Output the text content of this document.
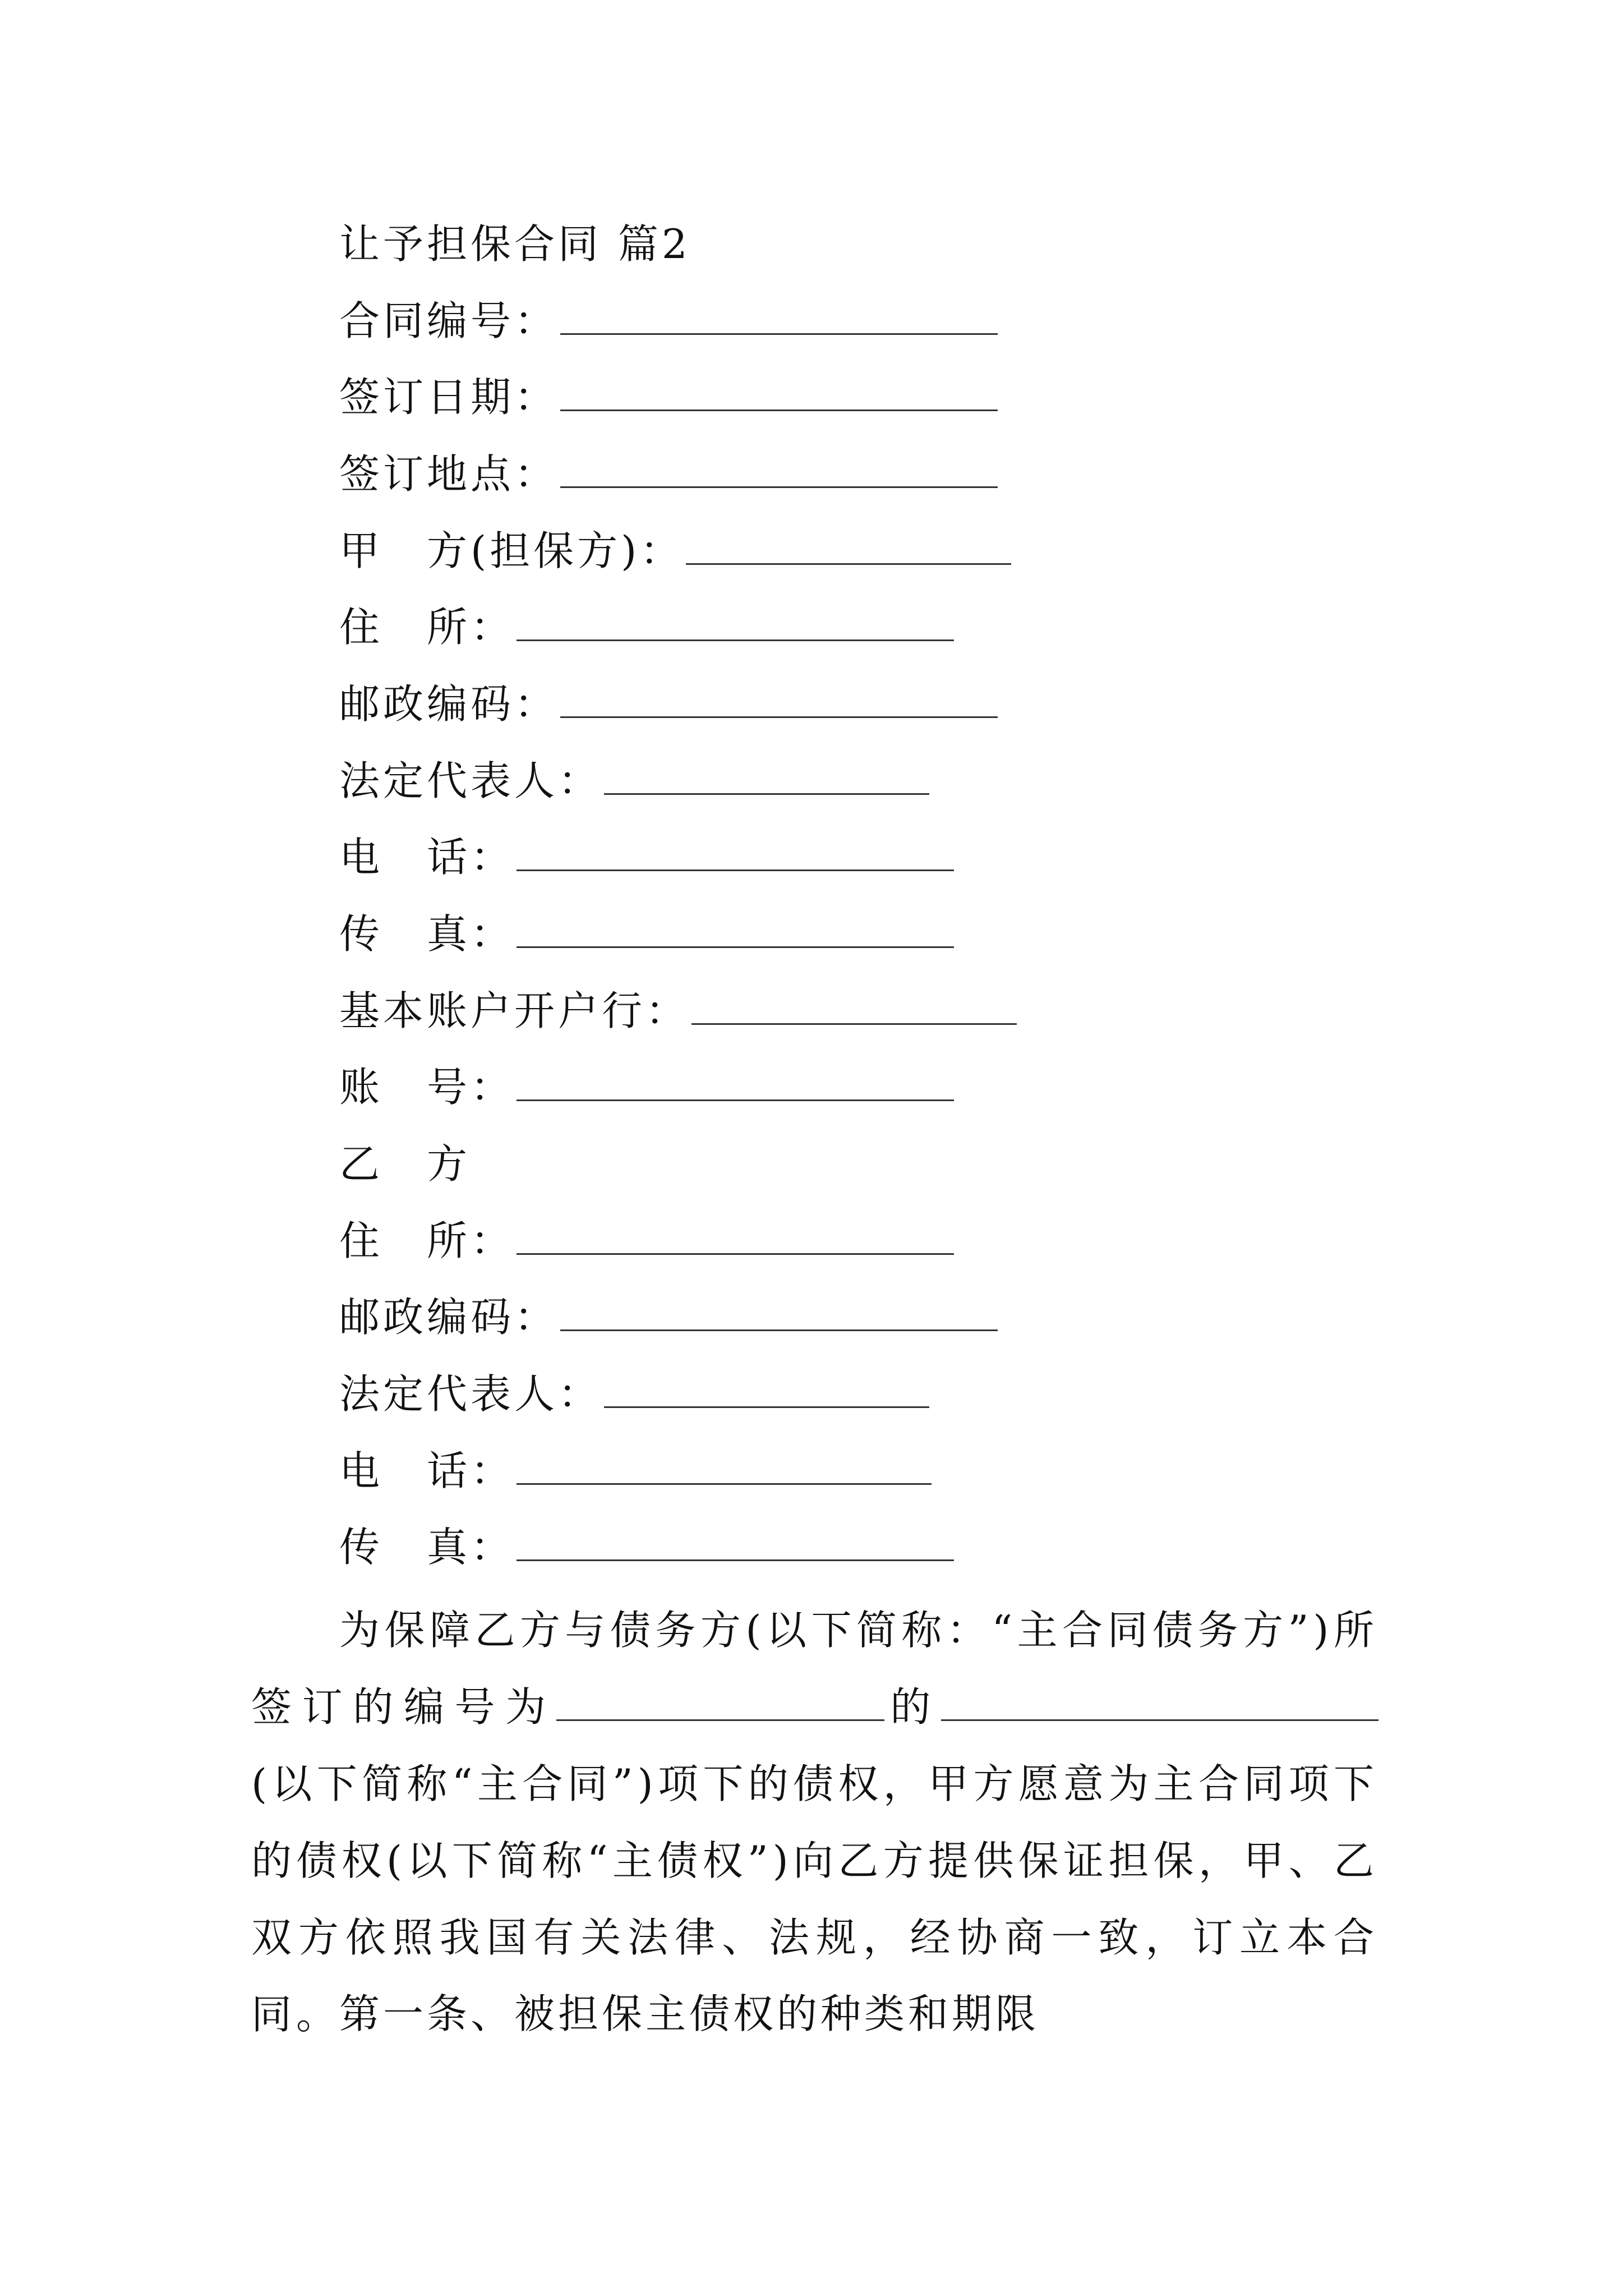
让予担保合同 篇2
合同编号：
签订日期：
签订地点：
甲　方(担保方)：
住　所：
邮政编码：
法定代表人：
电　话：
传　真：
基本账户开户行：
账　号：
乙　方
住　所：
邮政编码：
法定代表人：
电　话：
传　真：
为保障乙方与债务方(以下简称：“主合同债务方”)所签订的编号为	的(以下简称“主合同”)项下的债权，甲方愿意为主合同项下的债权(以下简称“主债权”)向乙方提供保证担保，甲、乙双方依照我国有关法律、法规，经协商一致，订立本合同。
第一条、被担保主债权的种类和期限
